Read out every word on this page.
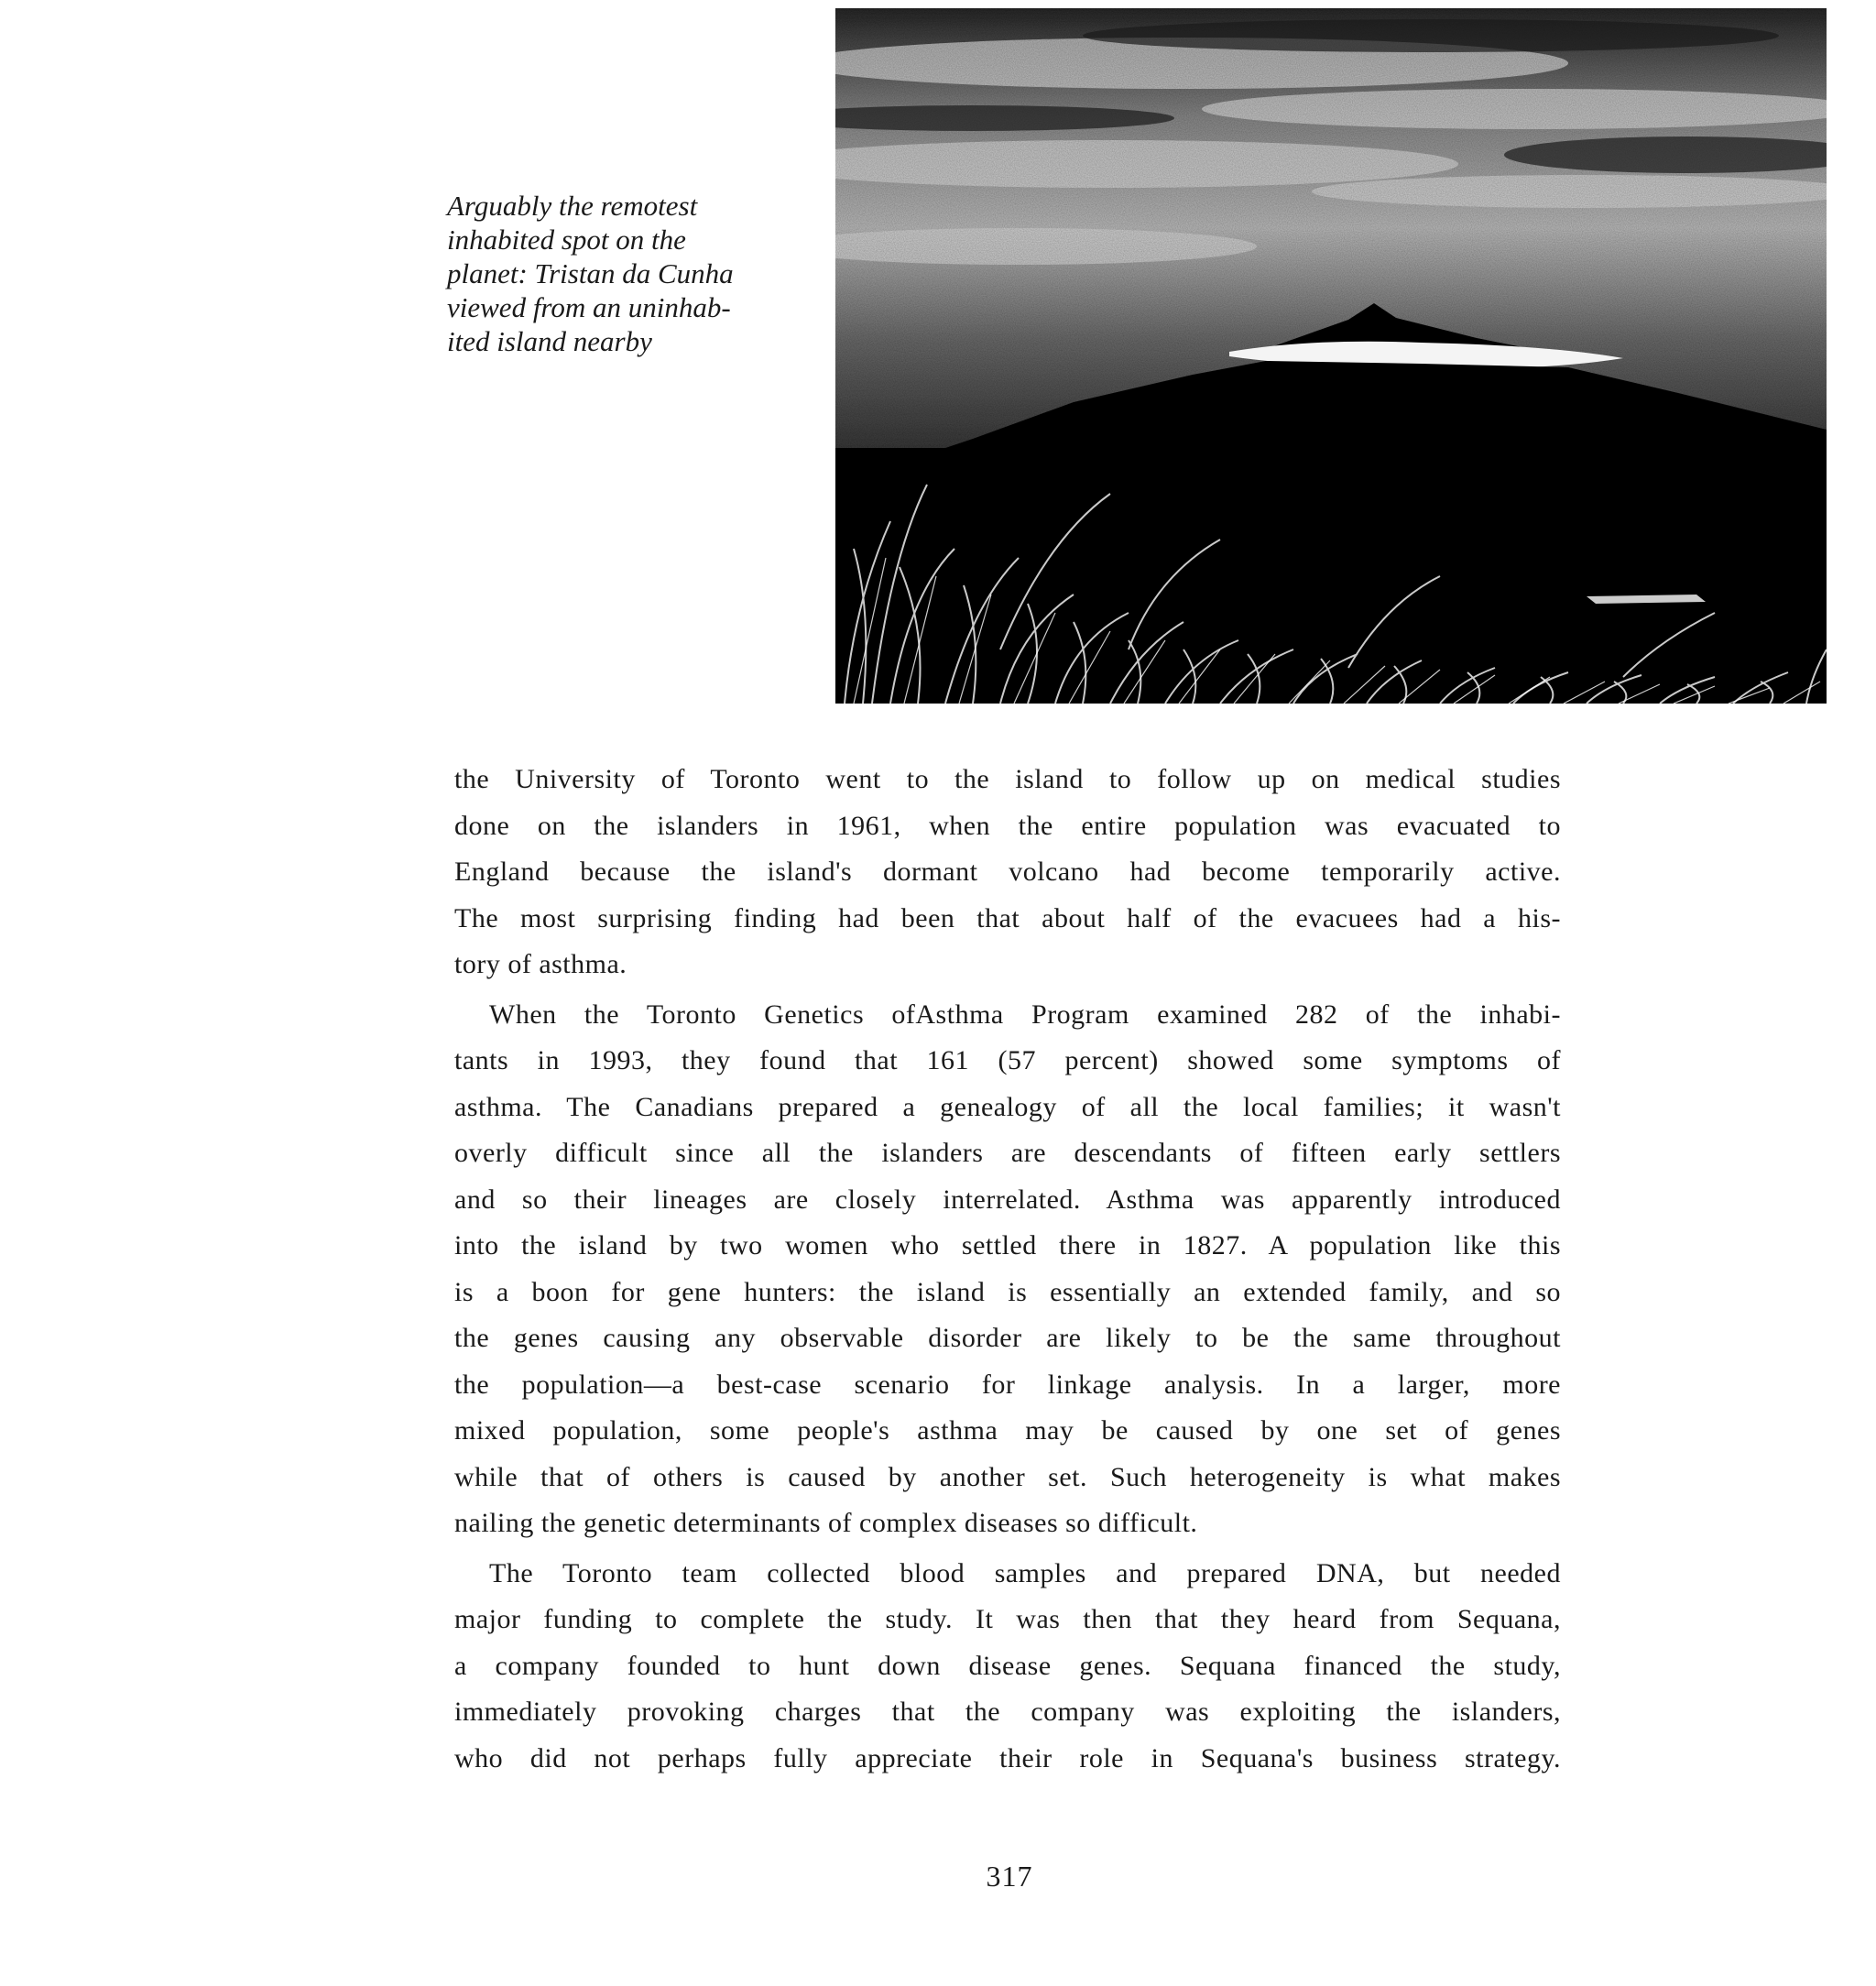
Arguably the remotest
inhabited spot on the
planet: Tristan da Cunha
viewed from an uninhab-
ited island nearby
the University of Toronto went to the island to follow up on medical studies
done on the islanders in 1961, when the entire population was evacuated to
England because the island's dormant volcano had become temporarily active.
The most surprising finding had been that about half of the evacuees had a his-
tory of asthma.
When the Toronto Genetics ofAsthma Program examined 282 of the inhabi-
tants in 1993, they found that 161 (57 percent) showed some symptoms of
asthma. The Canadians prepared a genealogy of all the local families; it wasn't
overly difficult since all the islanders are descendants of fifteen early settlers
and so their lineages are closely interrelated. Asthma was apparently introduced
into the island by two women who settled there in 1827. A population like this
is a boon for gene hunters: the island is essentially an extended family, and so
the genes causing any observable disorder are likely to be the same throughout
the population—a best-case scenario for linkage analysis. In a larger, more
mixed population, some people's asthma may be caused by one set of genes
while that of others is caused by another set. Such heterogeneity is what makes
nailing the genetic determinants of complex diseases so difficult.
The Toronto team collected blood samples and prepared DNA, but needed
major funding to complete the study. It was then that they heard from Sequana,
a company founded to hunt down disease genes. Sequana financed the study,
immediately provoking charges that the company was exploiting the islanders,
who did not perhaps fully appreciate their role in Sequana's business strategy.
317
